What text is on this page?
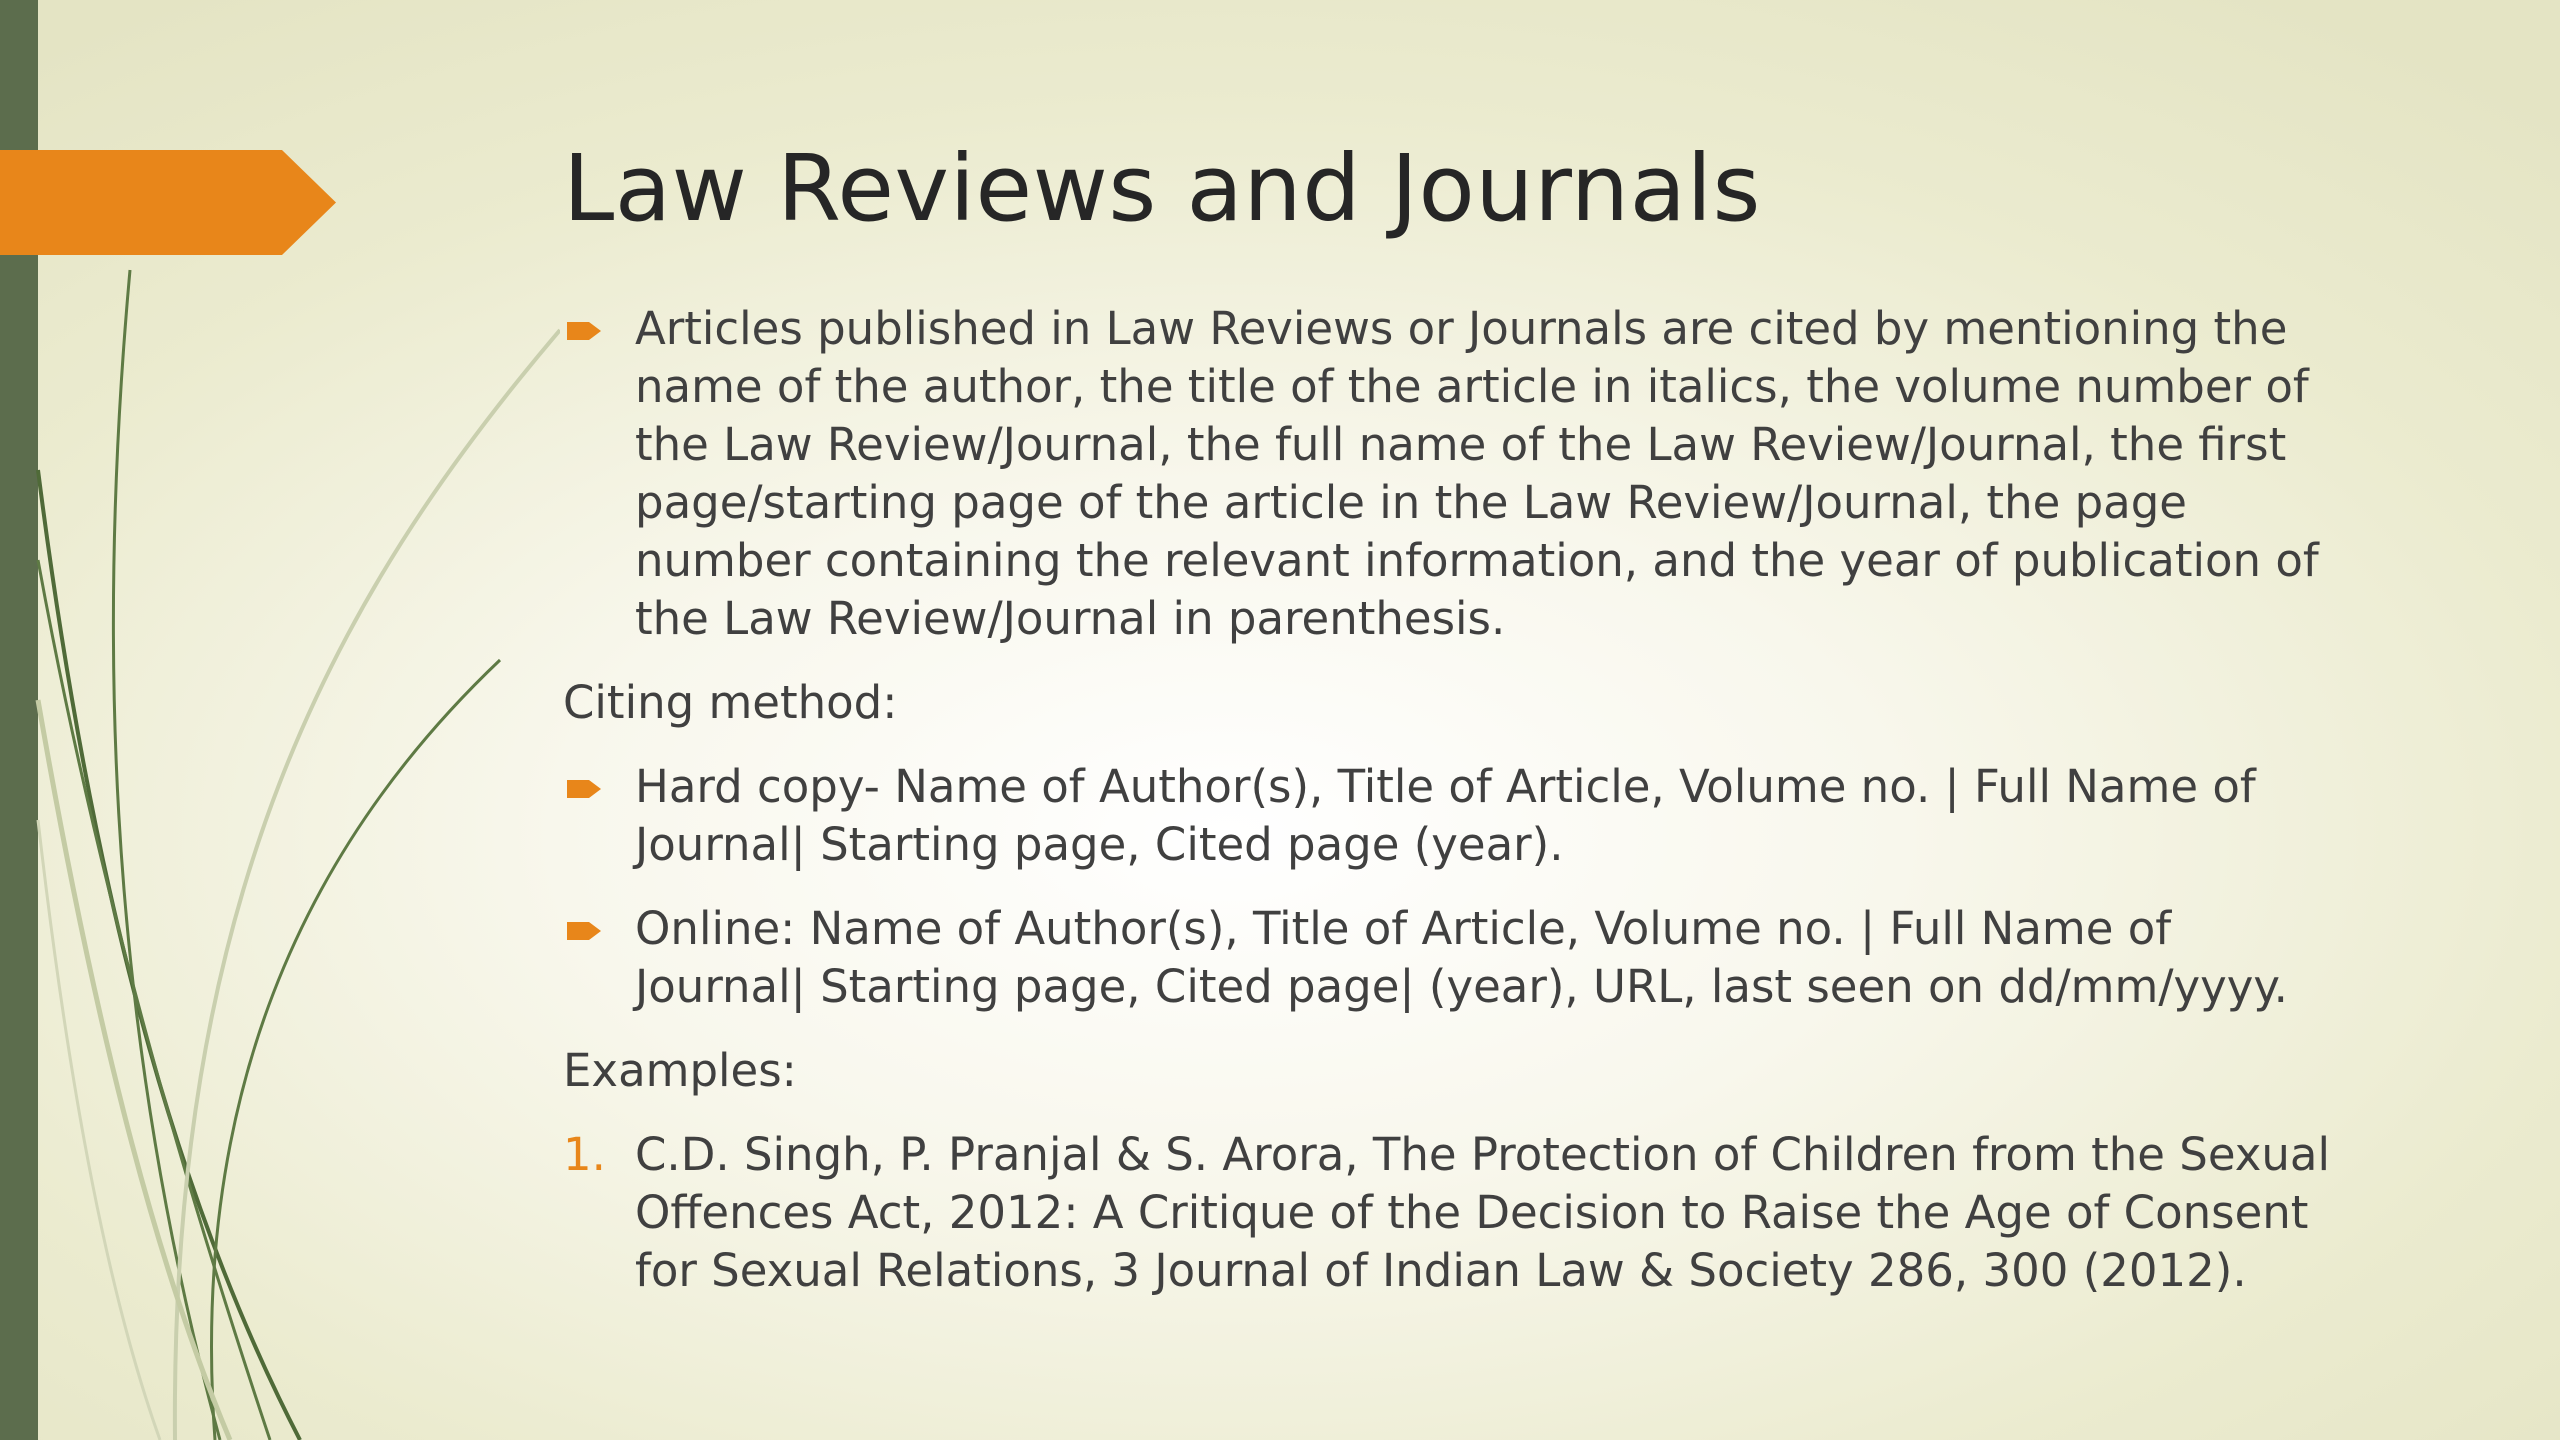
Law Reviews and Journals
Articles published in Law Reviews or Journals are cited by mentioning the
name of the author, the title of the article in italics, the volume number of
the Law Review/Journal, the full name of the Law Review/Journal, the first
page/starting page of the article in the Law Review/Journal, the page
number containing the relevant information, and the year of publication of
the Law Review/Journal in parenthesis.
Citing method:
Hard copy- Name of Author(s), Title of Article, Volume no. | Full Name of
Journal| Starting page, Cited page (year).
Online: Name of Author(s), Title of Article, Volume no. | Full Name of
Journal| Starting page, Cited page| (year), URL, last seen on dd/mm/yyyy.
Examples:
1. C.D. Singh, P. Pranjal & S. Arora, The Protection of Children from the Sexual
Offences Act, 2012: A Critique of the Decision to Raise the Age of Consent
for Sexual Relations, 3 Journal of Indian Law & Society 286, 300 (2012).
